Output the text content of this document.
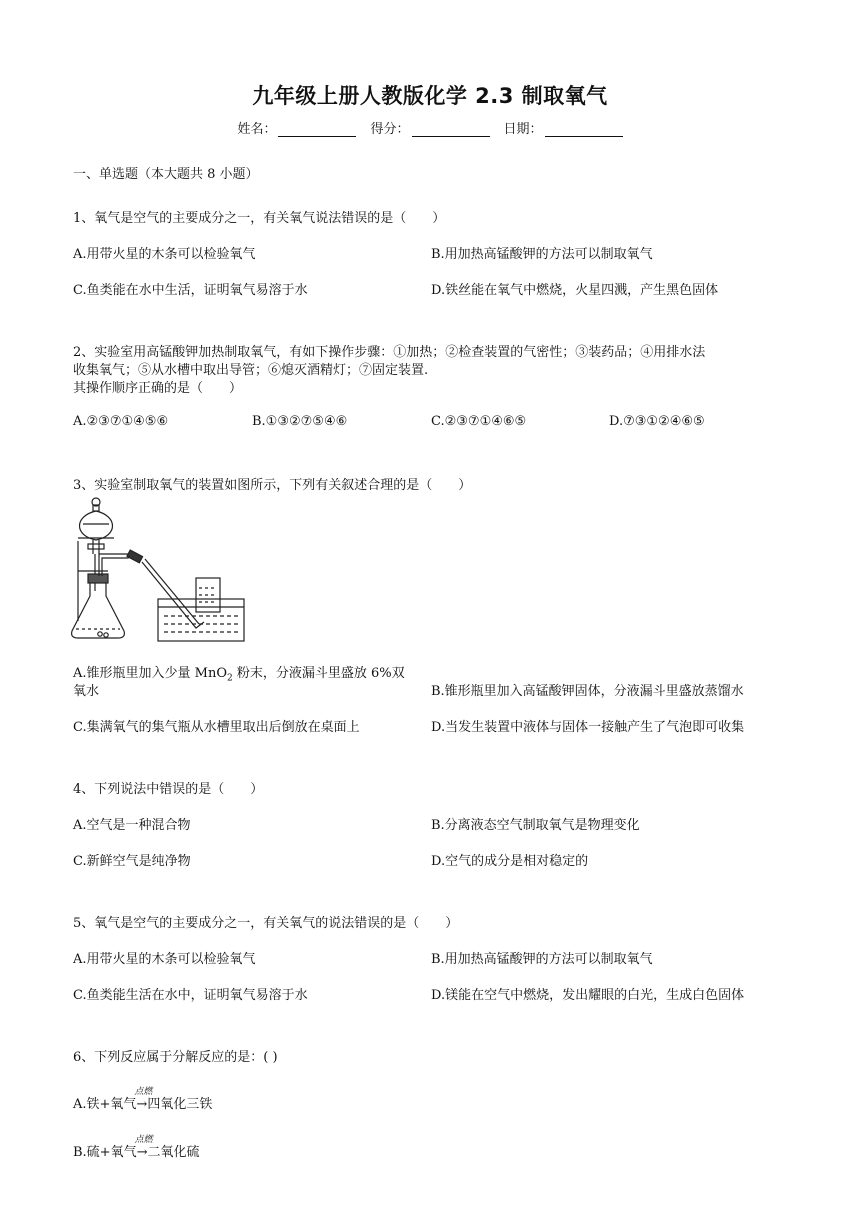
九年级上册人教版化学 2.3 制取氧气
姓名：	得分：	日期：
一、单选题（本大题共 8 小题）
1、氧气是空气的主要成分之一，有关氧气说法错误的是（　　）
A.用带火星的木条可以检验氧气	B.用加热高锰酸钾的方法可以制取氧气
C.鱼类能在水中生活，证明氧气易溶于水	D.铁丝能在氧气中燃烧，火星四溅，产生黑色固体
2、实验室用高锰酸钾加热制取氧气，有如下操作步骤：①加热；②检查装置的气密性；③装药品；④用排水法
收集氧气；⑤从水槽中取出导管；⑥熄灭酒精灯；⑦固定装置.
其操作顺序正确的是（　　）
A.②③⑦①④⑤⑥	B.①③②⑦⑤④⑥	C.②③⑦①④⑥⑤	D.⑦③①②④⑥⑤
3、实验室制取氧气的装置如图所示，下列有关叙述合理的是（　　）
A.锥形瓶里加入少量 MnO$_2$ 粉末，分液漏斗里盛放 6%双
氧水	B.锥形瓶里加入高锰酸钾固体，分液漏斗里盛放蒸馏水
C.集满氧气的集气瓶从水槽里取出后倒放在桌面上	D.当发生装置中液体与固体一接触产生了气泡即可收集
4、下列说法中错误的是（　　）
A.空气是一种混合物	B.分离液态空气制取氧气是物理变化
C.新鲜空气是纯净物	D.空气的成分是相对稳定的
5、氧气是空气的主要成分之一，有关氧气的说法错误的是（　　）
A.用带火星的木条可以检验氧气	B.用加热高锰酸钾的方法可以制取氧气
C.鱼类能生活在水中，证明氧气易溶于水	D.镁能在空气中燃烧，发出耀眼的白光，生成白色固体
6、下列反应属于分解反应的是：( )
A.铁+氧气
点燃
→四氧化三铁
B.硫+氧气
点燃
→二氧化硫
